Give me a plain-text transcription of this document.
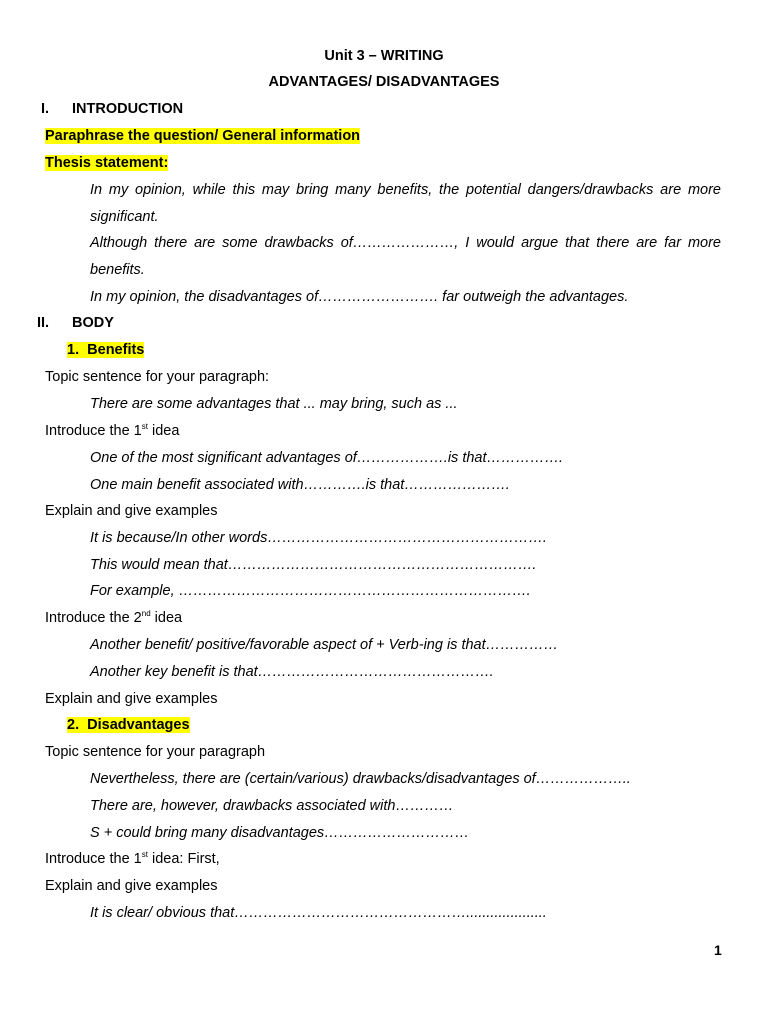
Unit 3 – WRITING
ADVANTAGES/ DISADVANTAGES
I. INTRODUCTION
Paraphrase the question/ General information
Thesis statement:
In my opinion, while this may bring many benefits, the potential dangers/drawbacks are more
significant.
Although there are some drawbacks of…………………, I would argue that there are far more
benefits.
In my opinion, the disadvantages of……………………. far outweigh the advantages.
II. BODY
1. Benefits
Topic sentence for your paragraph:
There are some advantages that ... may bring, such as ...
Introduce the 1st idea
One of the most significant advantages of……………….is that…………….
One main benefit associated with………….is that………………….
Explain and give examples
It is because/In other words………………………………………………….
This would mean that……………………………………………………….
For example, ……………………………………………………………….
Introduce the 2nd idea
Another benefit/ positive/favorable aspect of + Verb-ing is that……………
Another key benefit is that………………………………………….
Explain and give examples
2. Disadvantages
Topic sentence for your paragraph
Nevertheless, there are (certain/various) drawbacks/disadvantages of………………..
There are, however, drawbacks associated with…………
S + could bring many disadvantages…………………………
Introduce the 1st idea: First,
Explain and give examples
It is clear/ obvious that…………………………………………....................
1
